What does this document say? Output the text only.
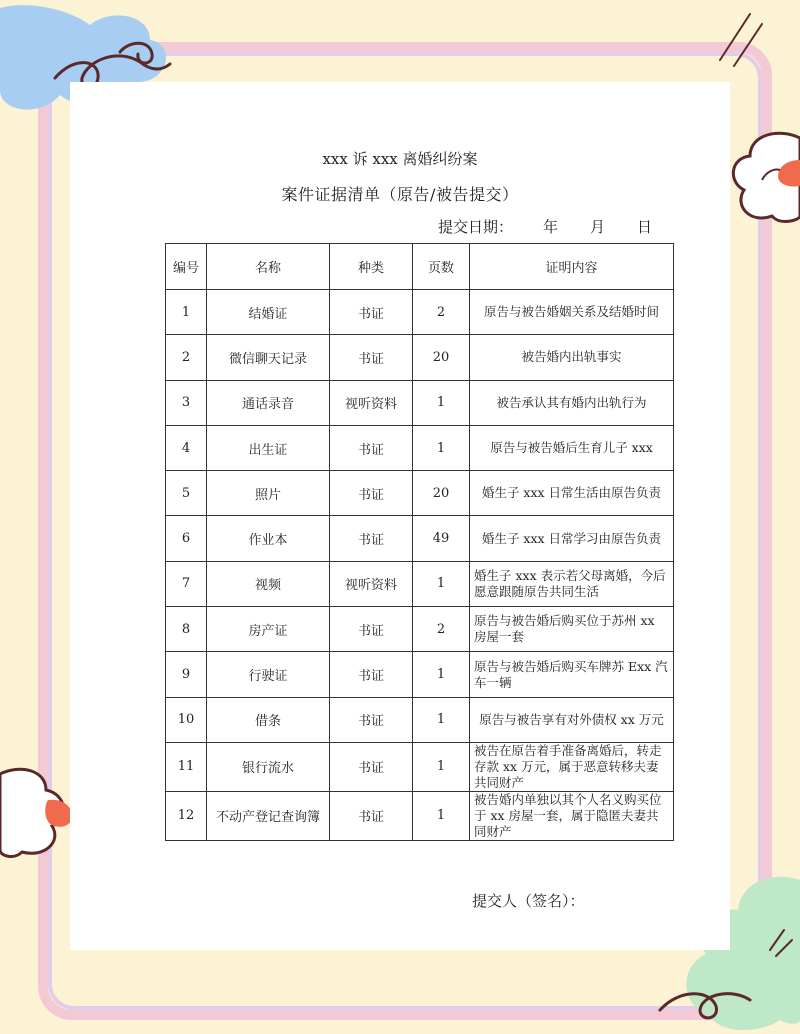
xxx 诉 xxx 离婚纠纷案
案件证据清单（原告/被告提交）
提交日期： 年 月 日
编号	名称	种类	页数	证明内容
1	结婚证	书证	2	原告与被告婚姻关系及结婚时间
2	微信聊天记录	书证	20	被告婚内出轨事实
3	通话录音	视听资料	1	被告承认其有婚内出轨行为
4	出生证	书证	1	原告与被告婚后生育儿子 xxx
5	照片	书证	20	婚生子 xxx 日常生活由原告负责
6	作业本	书证	49	婚生子 xxx 日常学习由原告负责
7	视频	视听资料	1	婚生子 xxx 表示若父母离婚，今后愿意跟随原告共同生活
8	房产证	书证	2	原告与被告婚后购买位于苏州 xx 房屋一套
9	行驶证	书证	1	原告与被告婚后购买车牌苏 Exx 汽车一辆
10	借条	书证	1	原告与被告享有对外债权 xx 万元
11	银行流水	书证	1	被告在原告着手准备离婚后，转走存款 xx 万元，属于恶意转移夫妻共同财产
12	不动产登记查询簿	书证	1	被告婚内单独以其个人名义购买位于 xx 房屋一套，属于隐匿夫妻共同财产
提交人（签名）：
